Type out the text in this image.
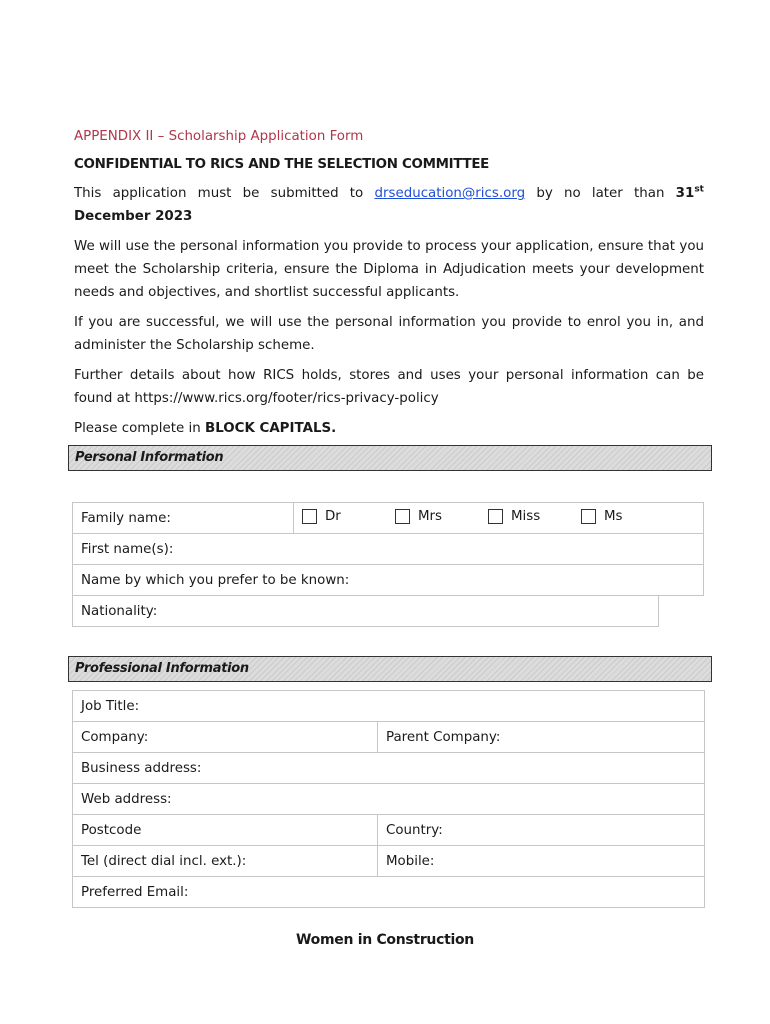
APPENDIX II – Scholarship Application Form

CONFIDENTIAL TO RICS AND THE SELECTION COMMITTEE

This application must be submitted to drseducation@rics.org by no later than 31st December 2023

We will use the personal information you provide to process your application, ensure that you meet the Scholarship criteria, ensure the Diploma in Adjudication meets your development needs and objectives, and shortlist successful applicants.

If you are successful, we will use the personal information you provide to enrol you in, and administer the Scholarship scheme.

Further details about how RICS holds, stores and uses your personal information can be found at https://www.rics.org/footer/rics-privacy-policy

Please complete in BLOCK CAPITALS.

Personal Information
Family name:	Dr Mrs Miss Ms	

First name(s):		
Name by which you prefer to be known:		
Nationality:		
Professional Information
Job Title:	
Company:	Parent Company:
Business address:	
Web address:	
Postcode	Country:
Tel (direct dial incl. ext.):	Mobile:
Preferred Email:	
Women in Construction
